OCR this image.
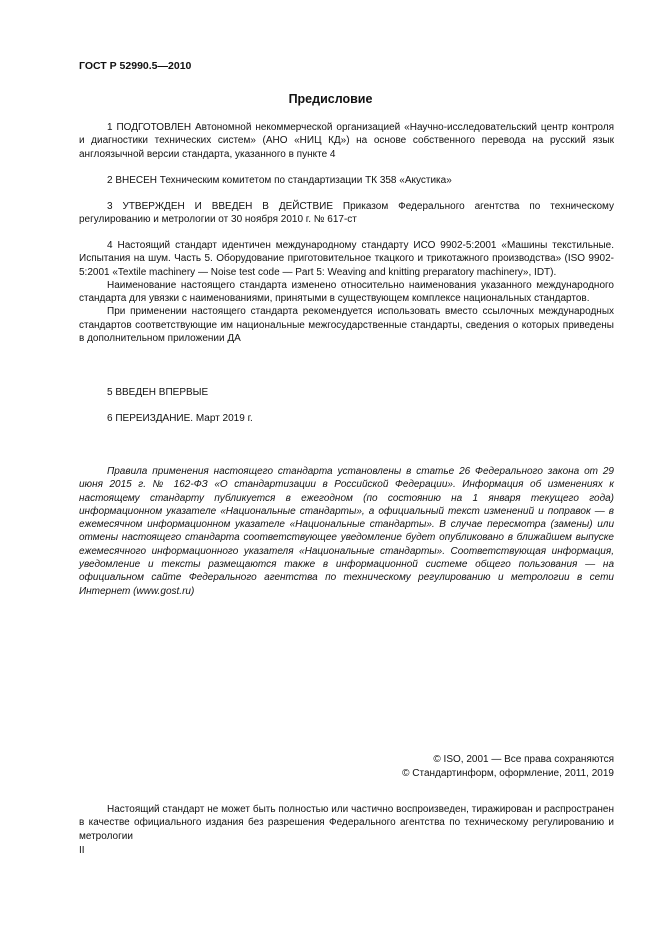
ГОСТ Р 52990.5—2010
Предисловие

1 ПОДГОТОВЛЕН Автономной некоммерческой организацией «Научно-исследовательский центр контроля и диагностики технических систем» (АНО «НИЦ КД») на основе собственного перевода на русский язык англоязычной версии стандарта, указанного в пункте 4

2 ВНЕСЕН Техническим комитетом по стандартизации ТК 358 «Акустика»

3 УТВЕРЖДЕН И ВВЕДЕН В ДЕЙСТВИЕ Приказом Федерального агентства по техническому регулированию и метрологии от 30 ноября 2010 г. № 617-ст

4 Настоящий стандарт идентичен международному стандарту ИСО 9902-5:2001 «Машины текстильные. Испытания на шум. Часть 5. Оборудование приготовительное ткацкого и трикотажного производства» (ISO 9902-5:2001 «Textile machinery — Noise test code — Part 5: Weaving and knitting preparatory machinery», IDT).

Наименование настоящего стандарта изменено относительно наименования указанного международного стандарта для увязки с наименованиями, принятыми в существующем комплексе национальных стандартов.

При применении настоящего стандарта рекомендуется использовать вместо ссылочных международных стандартов соответствующие им национальные межгосударственные стандарты, сведения о которых приведены в дополнительном приложении ДА

5 ВВЕДЕН ВПЕРВЫЕ

6 ПЕРЕИЗДАНИЕ. Март 2019 г.

Правила применения настоящего стандарта установлены в статье 26 Федерального закона от 29 июня 2015 г. № 162-ФЗ «О стандартизации в Российской Федерации». Информация об изменениях к настоящему стандарту публикуется в ежегодном (по состоянию на 1 января текущего года) информационном указателе «Национальные стандарты», а официальный текст изменений и поправок — в ежемесячном информационном указателе «Национальные стандарты». В случае пересмотра (замены) или отмены настоящего стандарта соответствующее уведомление будет опубликовано в ближайшем выпуске ежемесячного информационного указателя «Национальные стандарты». Соответствующая информация, уведомление и тексты размещаются также в информационной системе общего пользования — на официальном сайте Федерального агентства по техническому регулированию и метрологии в сети Интернет (www.gost.ru)

© ISO, 2001 — Все права сохраняются
© Стандартинформ, оформление, 2011, 2019

Настоящий стандарт не может быть полностью или частично воспроизведен, тиражирован и распространен в качестве официального издания без разрешения Федерального агентства по техническому регулированию и метрологии

II
